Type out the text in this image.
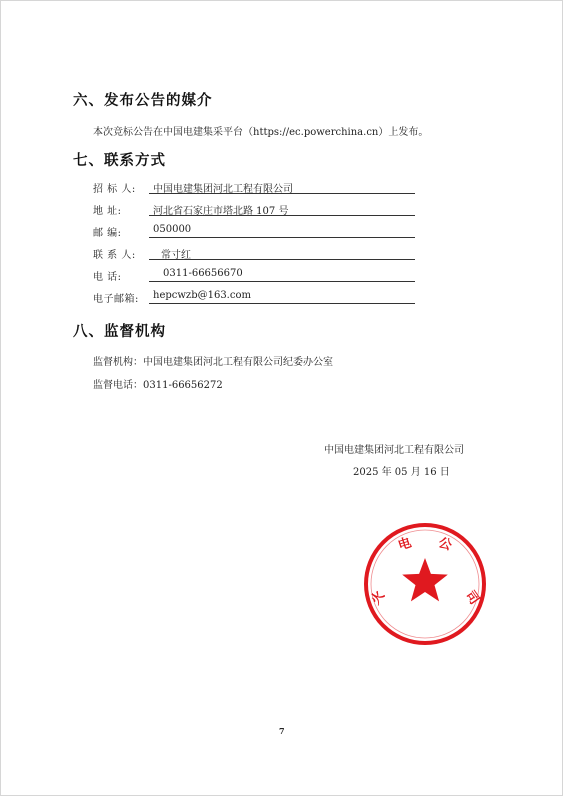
六、发布公告的媒介
本次竞标公告在中国电建集采平台（https://ec.powerchina.cn）上发布。
七、联系方式
招 标 人:	中国电建集团河北工程有限公司
地 址:	河北省石家庄市塔北路 107 号
邮 编:	050000
联 系 人:	常寸红
电 话:	0311-66656670
电子邮箱:	hepcwzb@163.com
八、监督机构
监督机构：中国电建集团河北工程有限公司纪委办公室
监督电话：0311-66656272
中国电建集团河北工程有限公司
2025 年 05 月 16 日
火
电 公
司
7
